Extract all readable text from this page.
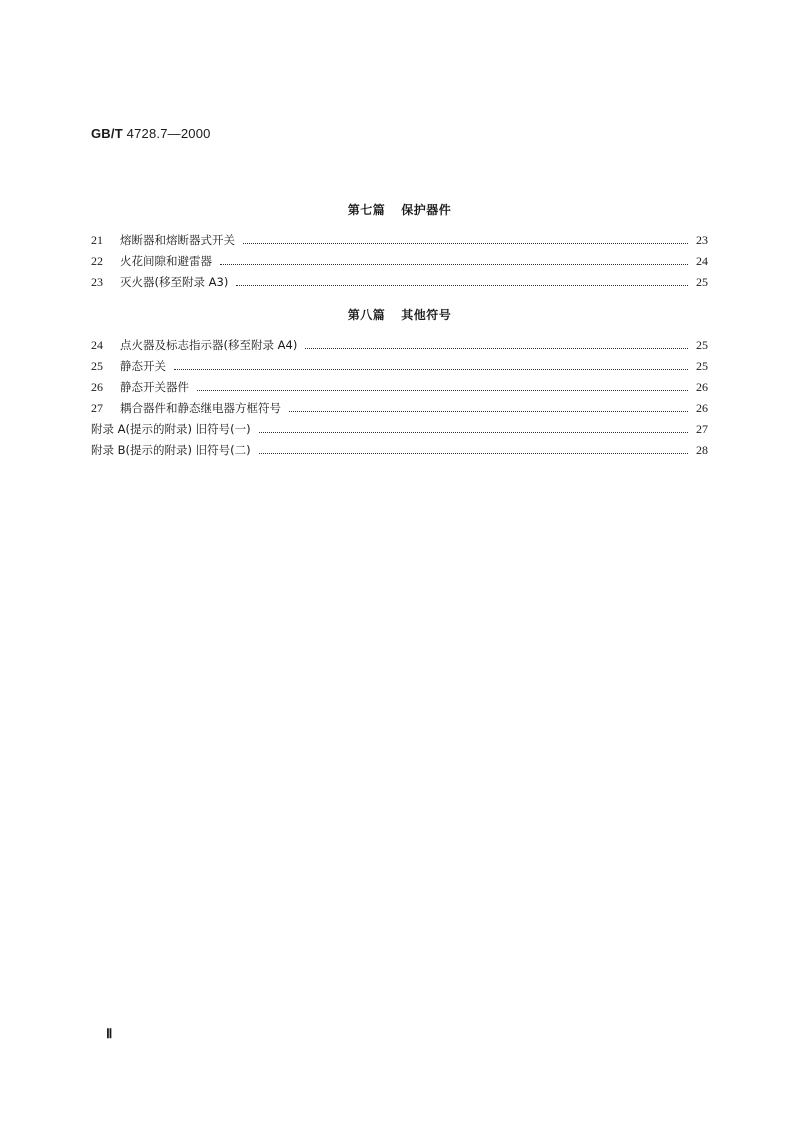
GB/T 4728.7—2000
第七篇 保护器件
21	熔断器和熔断器式开关	23
22	火花间隙和避雷器	24
23	灭火器(移至附录 A3)	25
第八篇 其他符号
24	点火器及标志指示器(移至附录 A4)	25
25	静态开关	25
26	静态开关器件	26
27	耦合器件和静态继电器方框符号	26
附录 A(提示的附录) 旧符号(一)	27
附录 B(提示的附录) 旧符号(二)	28
Ⅱ
